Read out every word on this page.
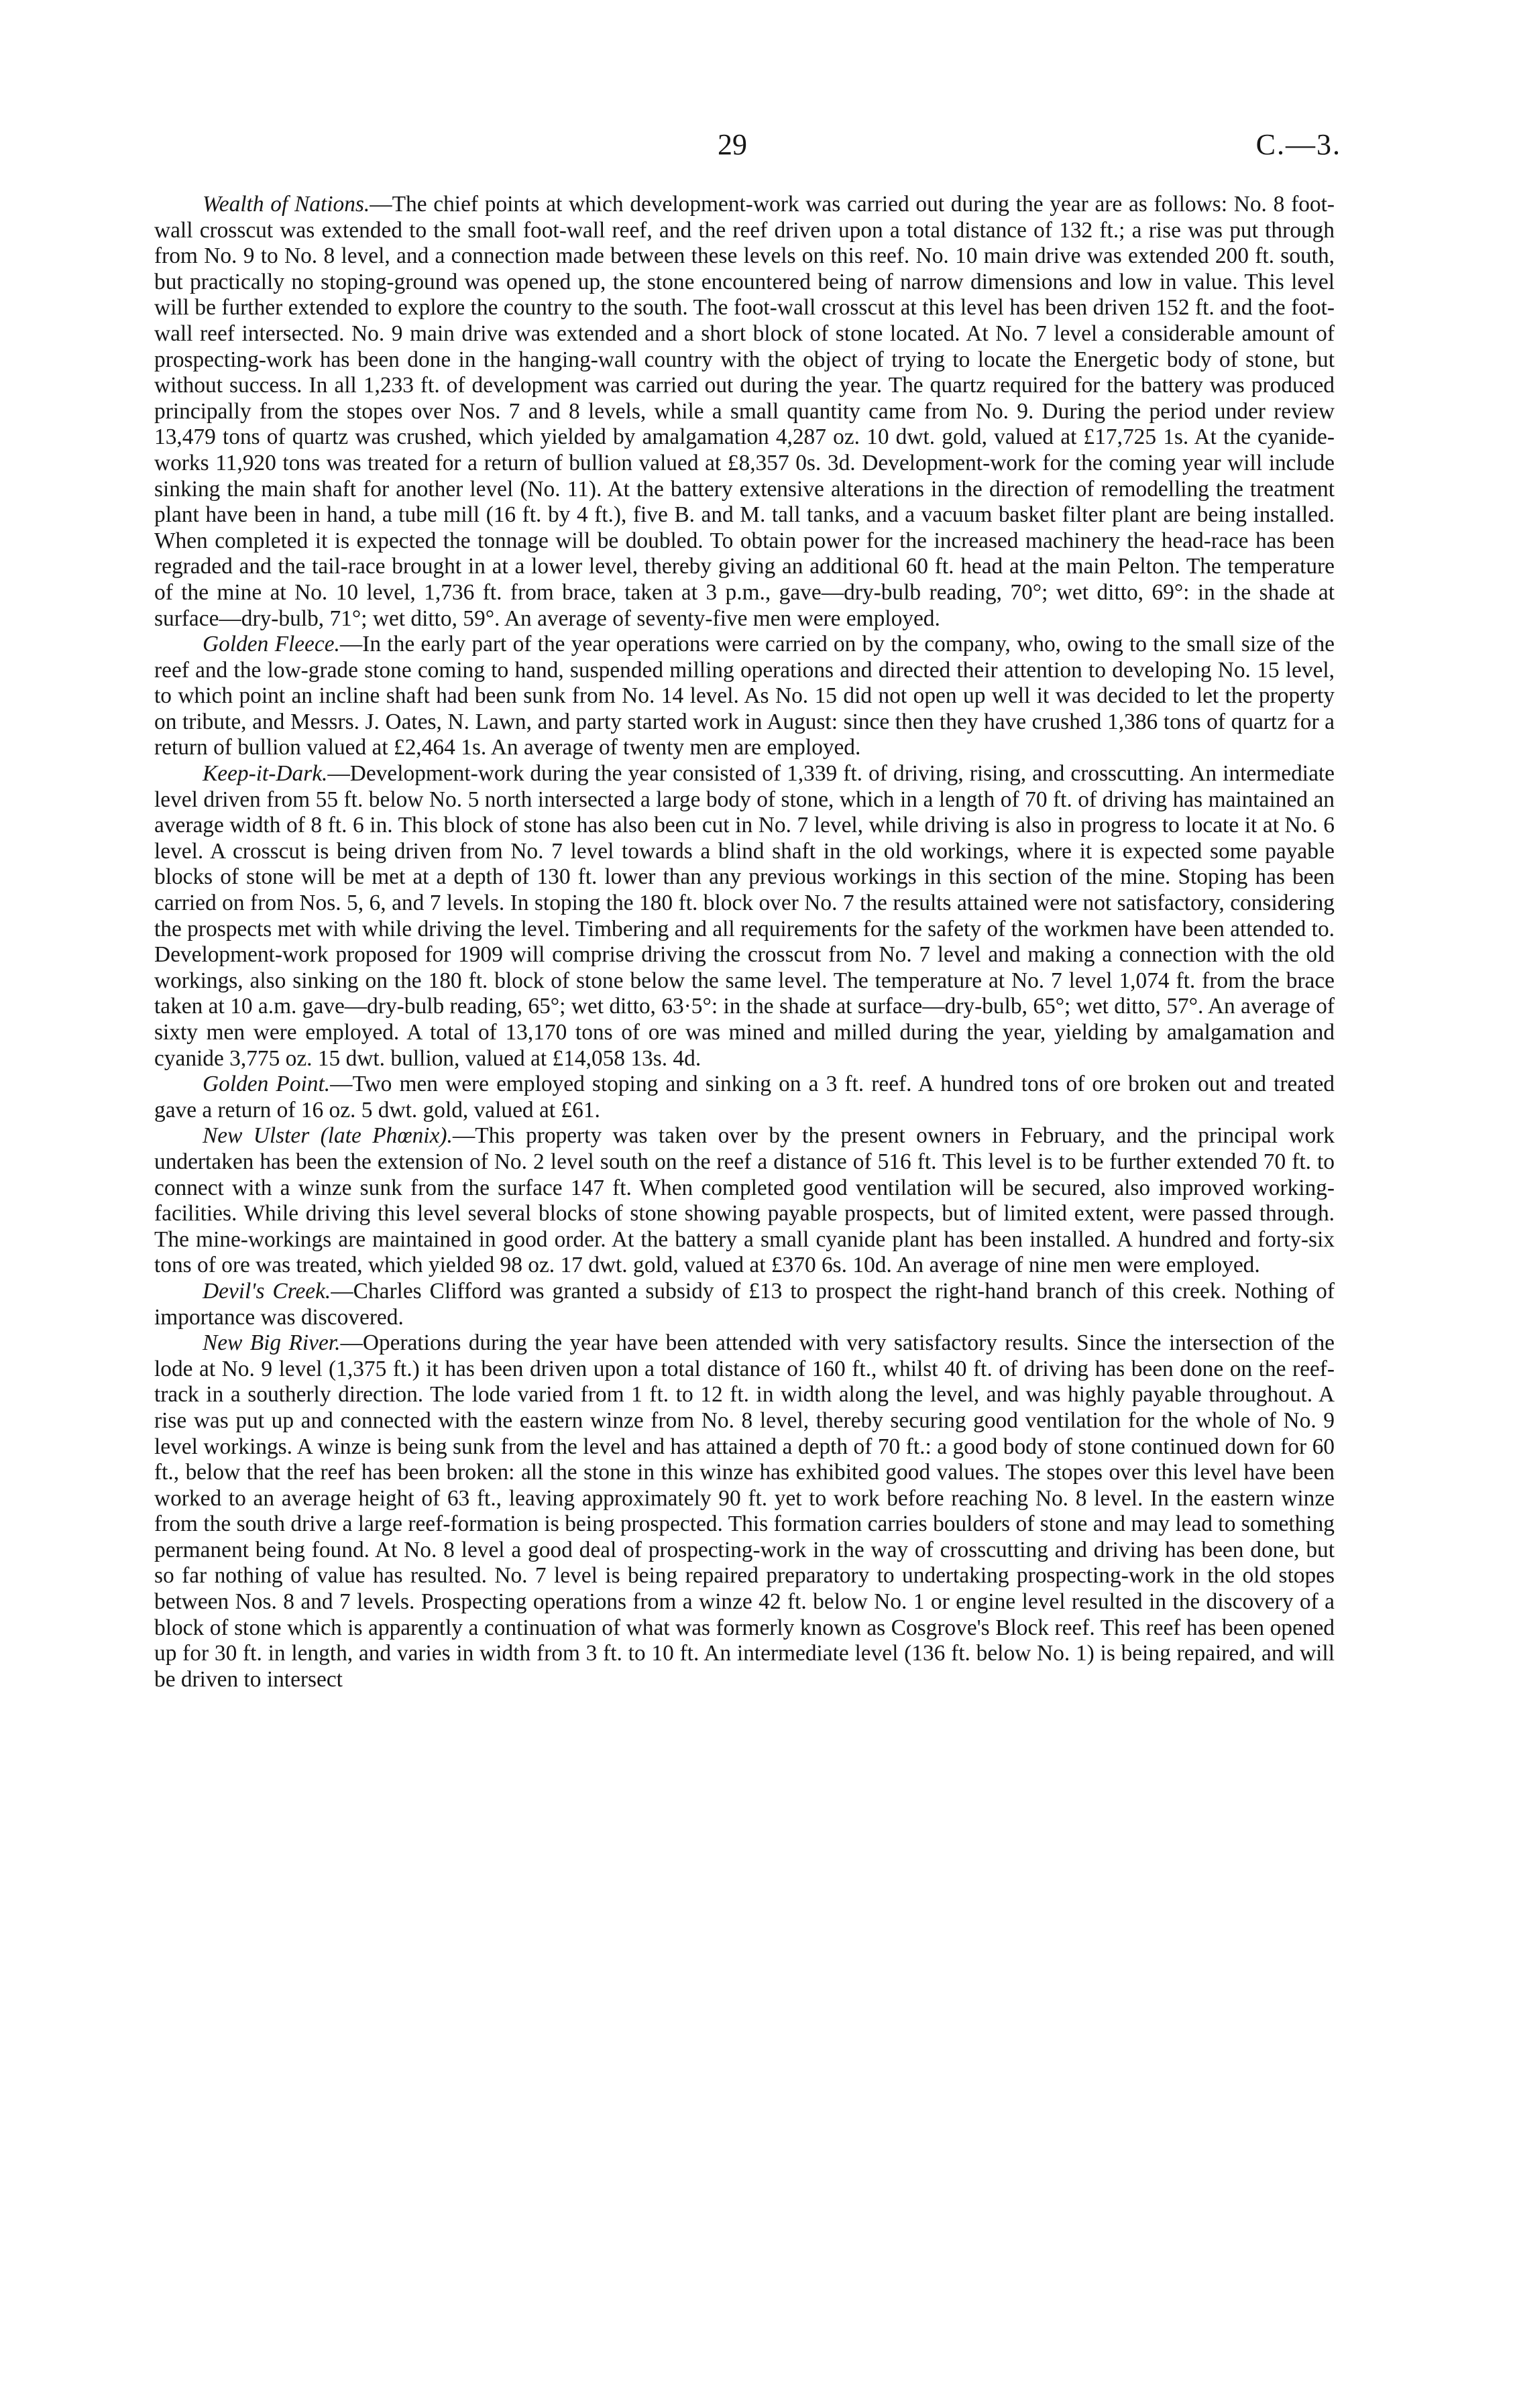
29	C.—3.

Wealth of Nations.—The chief points at which development-work was carried out during the year are as follows: No. 8 foot-wall crosscut was extended to the small foot-wall reef, and the reef driven upon a total distance of 132 ft.; a rise was put through from No. 9 to No. 8 level, and a connection made between these levels on this reef. No. 10 main drive was extended 200 ft. south, but practically no stoping-ground was opened up, the stone encountered being of narrow dimensions and low in value. This level will be further extended to explore the country to the south. The foot-wall crosscut at this level has been driven 152 ft. and the foot-wall reef intersected. No. 9 main drive was extended and a short block of stone located. At No. 7 level a considerable amount of prospecting-work has been done in the hanging-wall country with the object of trying to locate the Energetic body of stone, but without success. In all 1,233 ft. of development was carried out during the year. The quartz required for the battery was produced principally from the stopes over Nos. 7 and 8 levels, while a small quantity came from No. 9. During the period under review 13,479 tons of quartz was crushed, which yielded by amalgamation 4,287 oz. 10 dwt. gold, valued at £17,725 1s. At the cyanide-works 11,920 tons was treated for a return of bullion valued at £8,357 0s. 3d. Development-work for the coming year will include sinking the main shaft for another level (No. 11). At the battery extensive alterations in the direction of remodelling the treatment plant have been in hand, a tube mill (16 ft. by 4 ft.), five B. and M. tall tanks, and a vacuum basket filter plant are being installed. When completed it is expected the tonnage will be doubled. To obtain power for the increased machinery the head-race has been regraded and the tail-race brought in at a lower level, thereby giving an additional 60 ft. head at the main Pelton. The temperature of the mine at No. 10 level, 1,736 ft. from brace, taken at 3 p.m., gave—dry-bulb reading, 70°; wet ditto, 69°: in the shade at surface—dry-bulb, 71°; wet ditto, 59°. An average of seventy-five men were employed.

Golden Fleece.—In the early part of the year operations were carried on by the company, who, owing to the small size of the reef and the low-grade stone coming to hand, suspended milling operations and directed their attention to developing No. 15 level, to which point an incline shaft had been sunk from No. 14 level. As No. 15 did not open up well it was decided to let the property on tribute, and Messrs. J. Oates, N. Lawn, and party started work in August: since then they have crushed 1,386 tons of quartz for a return of bullion valued at £2,464 1s. An average of twenty men are employed.

Keep-it-Dark.—Development-work during the year consisted of 1,339 ft. of driving, rising, and crosscutting. An intermediate level driven from 55 ft. below No. 5 north intersected a large body of stone, which in a length of 70 ft. of driving has maintained an average width of 8 ft. 6 in. This block of stone has also been cut in No. 7 level, while driving is also in progress to locate it at No. 6 level. A crosscut is being driven from No. 7 level towards a blind shaft in the old workings, where it is expected some payable blocks of stone will be met at a depth of 130 ft. lower than any previous workings in this section of the mine. Stoping has been carried on from Nos. 5, 6, and 7 levels. In stoping the 180 ft. block over No. 7 the results attained were not satisfactory, considering the prospects met with while driving the level. Timbering and all requirements for the safety of the workmen have been attended to. Development-work proposed for 1909 will comprise driving the crosscut from No. 7 level and making a connection with the old workings, also sinking on the 180 ft. block of stone below the same level. The temperature at No. 7 level 1,074 ft. from the brace taken at 10 a.m. gave—dry-bulb reading, 65°; wet ditto, 63·5°: in the shade at surface—dry-bulb, 65°; wet ditto, 57°. An average of sixty men were employed. A total of 13,170 tons of ore was mined and milled during the year, yielding by amalgamation and cyanide 3,775 oz. 15 dwt. bullion, valued at £14,058 13s. 4d.

Golden Point.—Two men were employed stoping and sinking on a 3 ft. reef. A hundred tons of ore broken out and treated gave a return of 16 oz. 5 dwt. gold, valued at £61.

New Ulster (late Phœnix).—This property was taken over by the present owners in February, and the principal work undertaken has been the extension of No. 2 level south on the reef a distance of 516 ft. This level is to be further extended 70 ft. to connect with a winze sunk from the surface 147 ft. When completed good ventilation will be secured, also improved working-facilities. While driving this level several blocks of stone showing payable prospects, but of limited extent, were passed through. The mine-workings are maintained in good order. At the battery a small cyanide plant has been installed. A hundred and forty-six tons of ore was treated, which yielded 98 oz. 17 dwt. gold, valued at £370 6s. 10d. An average of nine men were employed.

Devil's Creek.—Charles Clifford was granted a subsidy of £13 to prospect the right-hand branch of this creek. Nothing of importance was discovered.

New Big River.—Operations during the year have been attended with very satisfactory results. Since the intersection of the lode at No. 9 level (1,375 ft.) it has been driven upon a total distance of 160 ft., whilst 40 ft. of driving has been done on the reef-track in a southerly direction. The lode varied from 1 ft. to 12 ft. in width along the level, and was highly payable throughout. A rise was put up and connected with the eastern winze from No. 8 level, thereby securing good ventilation for the whole of No. 9 level workings. A winze is being sunk from the level and has attained a depth of 70 ft.: a good body of stone continued down for 60 ft., below that the reef has been broken: all the stone in this winze has exhibited good values. The stopes over this level have been worked to an average height of 63 ft., leaving approximately 90 ft. yet to work before reaching No. 8 level. In the eastern winze from the south drive a large reef-formation is being prospected. This formation carries boulders of stone and may lead to something permanent being found. At No. 8 level a good deal of prospecting-work in the way of crosscutting and driving has been done, but so far nothing of value has resulted. No. 7 level is being repaired preparatory to undertaking prospecting-work in the old stopes between Nos. 8 and 7 levels. Prospecting operations from a winze 42 ft. below No. 1 or engine level resulted in the discovery of a block of stone which is apparently a continuation of what was formerly known as Cosgrove's Block reef. This reef has been opened up for 30 ft. in length, and varies in width from 3 ft. to 10 ft. An intermediate level (136 ft. below No. 1) is being repaired, and will be driven to intersect
